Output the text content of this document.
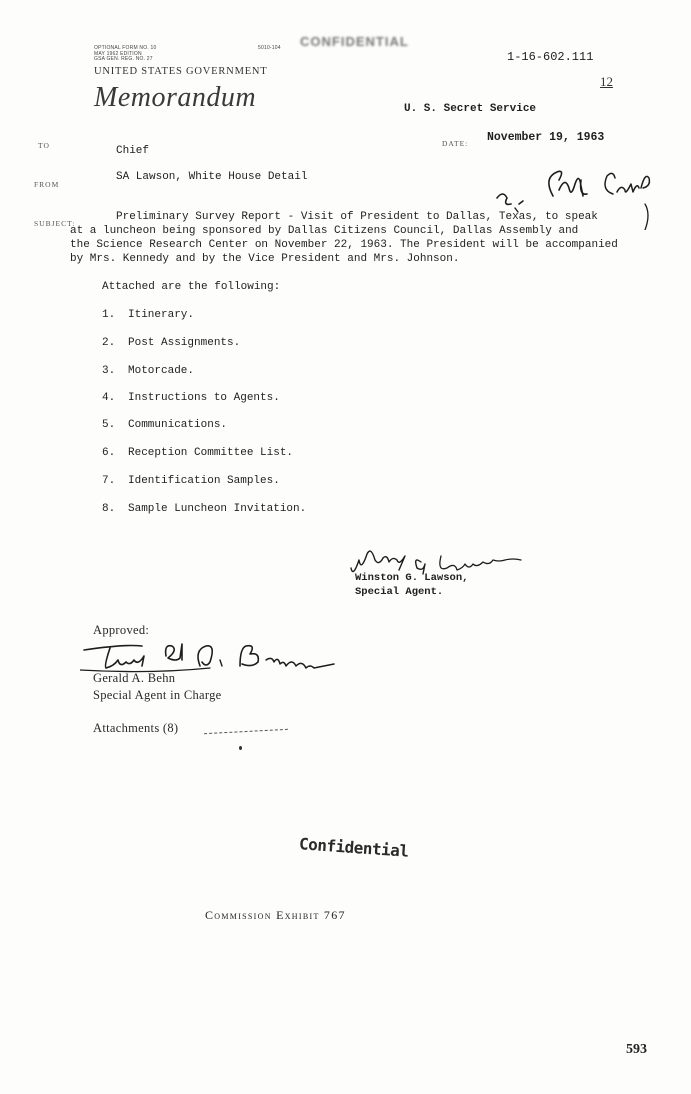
OPTIONAL FORM NO. 10
MAY 1962 EDITION
GSA GEN. REG. NO. 27
5010-104 CONFIDENTIAL
1-16-602.111
12
UNITED STATES GOVERNMENT
Memorandum	U. S. Secret Service
TO	Chief
DATE: November 19, 1963
FROM
SA Lawson, White House Detail
SUBJECT:
Preliminary Survey Report - Visit of President to Dallas, Texas, to speak
at a luncheon being sponsored by Dallas Citizens Council, Dallas Assembly and
the Science Research Center on November 22, 1963. The President will be accompanied
by Mrs. Kennedy and by the Vice President and Mrs. Johnson.
Attached are the following:
1. Itinerary.
2. Post Assignments.
3. Motorcade.
4. Instructions to Agents.
5. Communications.
6. Reception Committee List.
7. Identification Samples.
8. Sample Luncheon Invitation.
Winston G. Lawson,
Special Agent.
Approved:
Gerald A. Behn
Special Agent in Charge
Attachments (8)
Confidential
Commission Exhibit 767
593
